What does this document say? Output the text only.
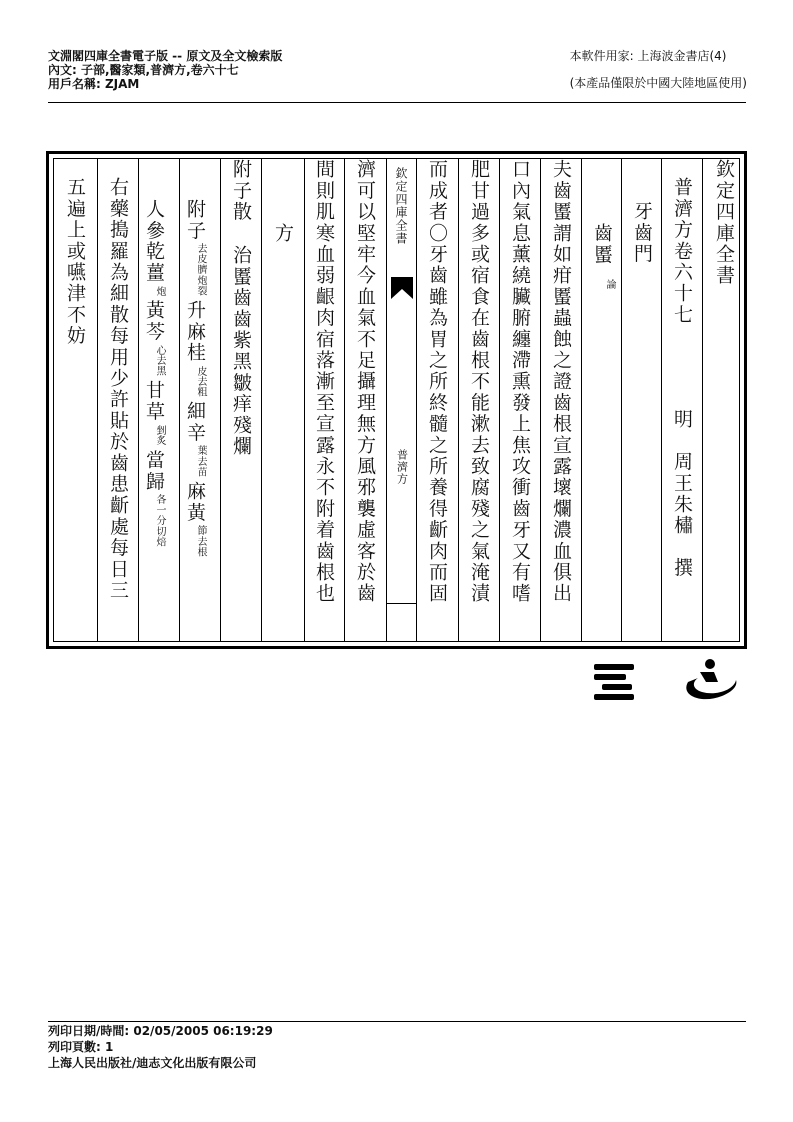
文淵閣四庫全書電子版 -- 原文及全文檢索版
內文: 子部,醫家類,普濟方,卷六十七
用戶名稱: ZJAM
本軟件用家: 上海波金書店(4)
(本產品僅限於中國大陸地區使用)
五遍上或嚥津不妨 右藥搗羅為細散每用少許貼於齒患齗處每日三 人參乾薑
炮
黃芩
去黑
心
甘草
炙
剉
當歸
切焙
各一分
附子
炮裂
去皮臍
升麻桂
去粗
皮
細辛
去苗
葉
麻黃
去根
節
附子散
治𧏾齒齒紫黑皺痒殘爛
方 間則肌寒血弱齦肉宿落漸至宣露永不附着齒根也 濟可以堅牢今血氣不足攝理無方風邪襲虛客於齒 欽定四庫全書
普濟方 而成者〇牙齒雖為胃之所終髓之所養得齗肉而固 肥甘過多或宿食在齒根不能漱去致腐殘之氣淹漬 口內氣息薰繞臟腑纏滯熏發上焦攻衝齒牙又有嗜 夫齒𧏾謂如疳𧏾蟲蝕之證齒根宣露壞爛濃血俱出 齒𧏾
論
牙齒門 普濟方卷六十七
明　周王朱橚　撰
欽定四庫全書
列印日期/時間: 02/05/2005 06:19:29
列印頁數: 1
上海人民出版社/迪志文化出版有限公司
